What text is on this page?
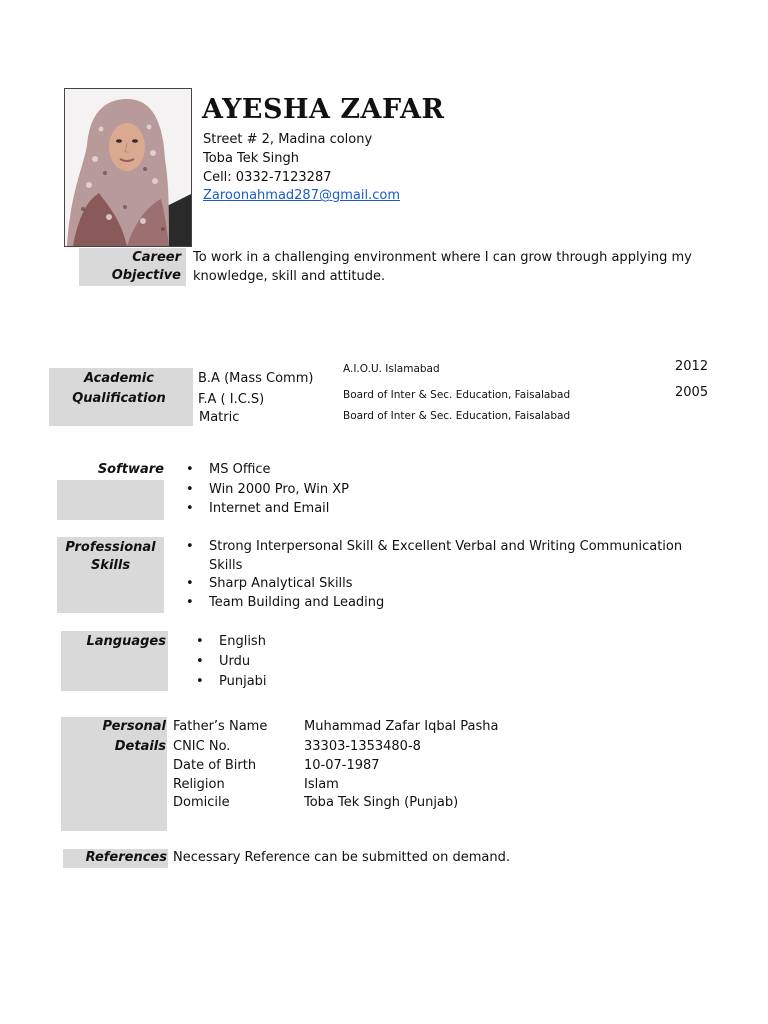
AYESHA ZAFAR
Street # 2, Madina colony
Toba Tek Singh
Cell: 0332-7123287
Zaroonahmad287@gmail.com
Career
Objective
To work in a challenging environment where I can grow through applying my
knowledge, skill and attitude.
Academic
Qualification
B.A (Mass Comm)
F.A ( I.C.S)
Matric
A.I.O.U. Islamabad
Board of Inter & Sec. Education, Faisalabad
Board of Inter & Sec. Education, Faisalabad
2012
2005
Software	• MS Office
• Win 2000 Pro, Win XP
• Internet and Email
Professional
Skills
• Strong Interpersonal Skill & Excellent Verbal and Writing Communication
Skills
• Sharp Analytical Skills
• Team Building and Leading
Languages	• English
• Urdu
• Punjabi
Personal
Details
Father’s Name
CNIC No.
Date of Birth
Religion
Domicile
Muhammad Zafar Iqbal Pasha
33303-1353480-8
10-07-1987
Islam
Toba Tek Singh (Punjab)
References Necessary Reference can be submitted on demand.
